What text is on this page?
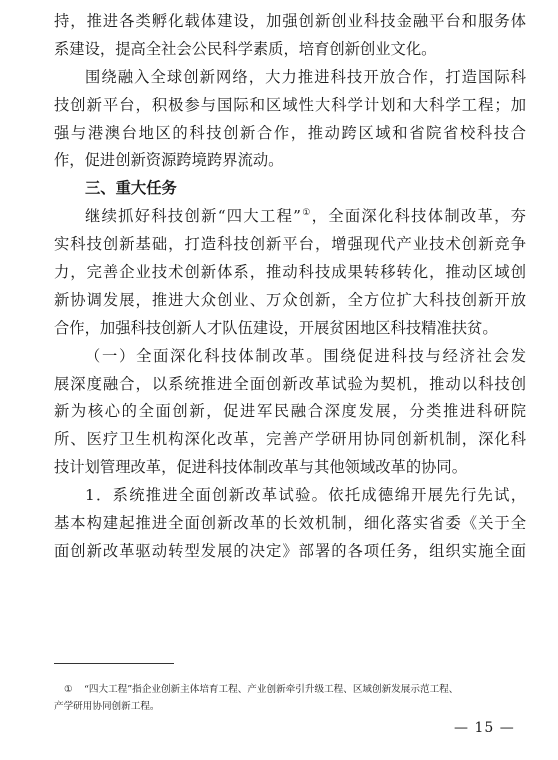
持，推进各类孵化载体建设，加强创新创业科技金融平台和服务体
系建设，提高全社会公民科学素质，培育创新创业文化。
围绕融入全球创新网络，大力推进科技开放合作，打造国际科
技创新平台，积极参与国际和区域性大科学计划和大科学工程；加
强与港澳台地区的科技创新合作，推动跨区域和省院省校科技合
作，促进创新资源跨境跨界流动。
三、重大任务
继续抓好科技创新“四大工程”①，全面深化科技体制改革，夯
实科技创新基础，打造科技创新平台，增强现代产业技术创新竞争
力，完善企业技术创新体系，推动科技成果转移转化，推动区域创
新协调发展，推进大众创业、万众创新，全方位扩大科技创新开放
合作，加强科技创新人才队伍建设，开展贫困地区科技精准扶贫。
（一）全面深化科技体制改革。围绕促进科技与经济社会发
展深度融合，以系统推进全面创新改革试验为契机，推动以科技创
新为核心的全面创新，促进军民融合深度发展，分类推进科研院
所、医疗卫生机构深化改革，完善产学研用协同创新机制，深化科
技计划管理改革，促进科技体制改革与其他领域改革的协同。
1．系统推进全面创新改革试验。依托成德绵开展先行先试，
基本构建起推进全面创新改革的长效机制，细化落实省委《关于全
面创新改革驱动转型发展的决定》部署的各项任务，组织实施全面
① “四大工程”指企业创新主体培育工程、产业创新牵引升级工程、区域创新发展示范工程、
产学研用协同创新工程。
— 15 —
